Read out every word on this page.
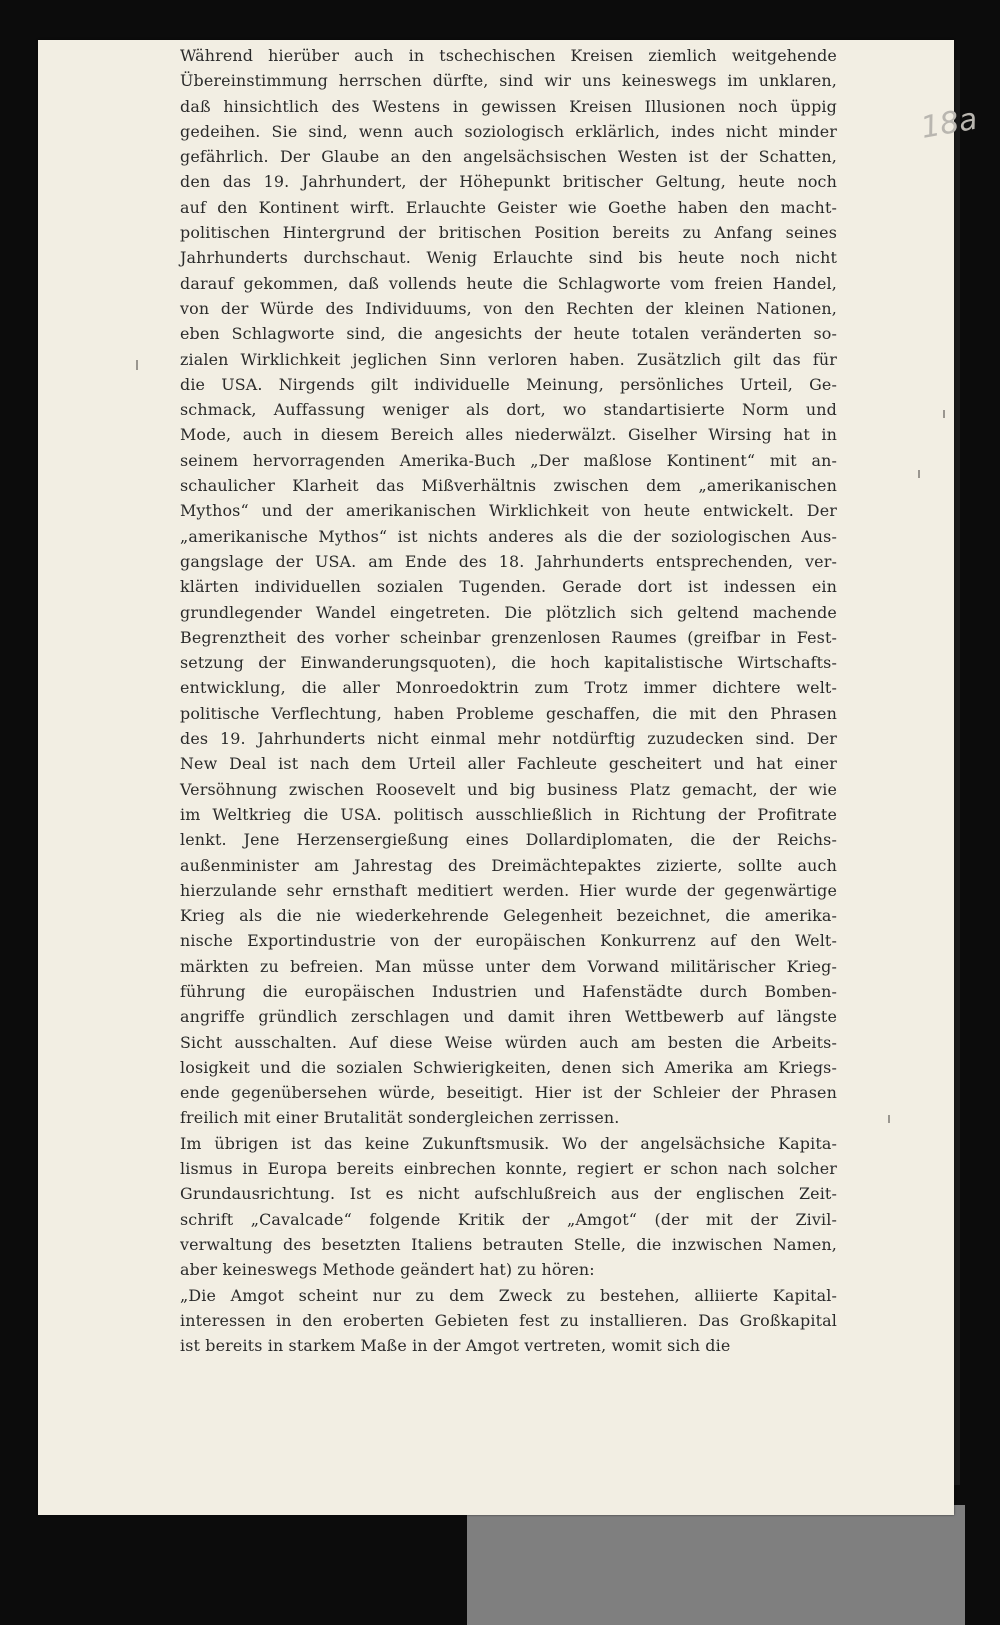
18a
Während hierüber auch in tschechischen Kreisen ziemlich weitgehende
Übereinstimmung herrschen dürfte, sind wir uns keineswegs im unklaren,
daß hinsichtlich des Westens in gewissen Kreisen Illusionen noch üppig
gedeihen. Sie sind, wenn auch soziologisch erklärlich, indes nicht minder
gefährlich. Der Glaube an den angelsächsischen Westen ist der Schatten,
den das 19. Jahrhundert, der Höhepunkt britischer Geltung, heute noch
auf den Kontinent wirft. Erlauchte Geister wie Goethe haben den macht-
politischen Hintergrund der britischen Position bereits zu Anfang seines
Jahrhunderts durchschaut. Wenig Erlauchte sind bis heute noch nicht
darauf gekommen, daß vollends heute die Schlagworte vom freien Handel,
von der Würde des Individuums, von den Rechten der kleinen Nationen,
eben Schlagworte sind, die angesichts der heute totalen veränderten so-
zialen Wirklichkeit jeglichen Sinn verloren haben. Zusätzlich gilt das für
die USA. Nirgends gilt individuelle Meinung, persönliches Urteil, Ge-
schmack, Auffassung weniger als dort, wo standartisierte Norm und
Mode, auch in diesem Bereich alles niederwälzt. Giselher Wirsing hat in
seinem hervorragenden Amerika-Buch „Der maßlose Kontinent“ mit an-
schaulicher Klarheit das Mißverhältnis zwischen dem „amerikanischen
Mythos“ und der amerikanischen Wirklichkeit von heute entwickelt. Der
„amerikanische Mythos“ ist nichts anderes als die der soziologischen Aus-
gangslage der USA. am Ende des 18. Jahrhunderts entsprechenden, ver-
klärten individuellen sozialen Tugenden. Gerade dort ist indessen ein
grundlegender Wandel eingetreten. Die plötzlich sich geltend machende
Begrenztheit des vorher scheinbar grenzenlosen Raumes (greifbar in Fest-
setzung der Einwanderungsquoten), die hoch kapitalistische Wirtschafts-
entwicklung, die aller Monroedoktrin zum Trotz immer dichtere welt-
politische Verflechtung, haben Probleme geschaffen, die mit den Phrasen
des 19. Jahrhunderts nicht einmal mehr notdürftig zuzudecken sind. Der
New Deal ist nach dem Urteil aller Fachleute gescheitert und hat einer
Versöhnung zwischen Roosevelt und big business Platz gemacht, der wie
im Weltkrieg die USA. politisch ausschließlich in Richtung der Profitrate
lenkt. Jene Herzensergießung eines Dollardiplomaten, die der Reichs-
außenminister am Jahrestag des Dreimächtepaktes zizierte, sollte auch
hierzulande sehr ernsthaft meditiert werden. Hier wurde der gegenwärtige
Krieg als die nie wiederkehrende Gelegenheit bezeichnet, die amerika-
nische Exportindustrie von der europäischen Konkurrenz auf den Welt-
märkten zu befreien. Man müsse unter dem Vorwand militärischer Krieg-
führung die europäischen Industrien und Hafenstädte durch Bomben-
angriffe gründlich zerschlagen und damit ihren Wettbewerb auf längste
Sicht ausschalten. Auf diese Weise würden auch am besten die Arbeits-
losigkeit und die sozialen Schwierigkeiten, denen sich Amerika am Kriegs-
ende gegenübersehen würde, beseitigt. Hier ist der Schleier der Phrasen
freilich mit einer Brutalität sondergleichen zerrissen.
Im übrigen ist das keine Zukunftsmusik. Wo der angelsächsiche Kapita-
lismus in Europa bereits einbrechen konnte, regiert er schon nach solcher
Grundausrichtung. Ist es nicht aufschlußreich aus der englischen Zeit-
schrift „Cavalcade“ folgende Kritik der „Amgot“ (der mit der Zivil-
verwaltung des besetzten Italiens betrauten Stelle, die inzwischen Namen,
aber keineswegs Methode geändert hat) zu hören:
„Die Amgot scheint nur zu dem Zweck zu bestehen, alliierte Kapital-
interessen in den eroberten Gebieten fest zu installieren. Das Großkapital
ist bereits in starkem Maße in der Amgot vertreten, womit sich die
